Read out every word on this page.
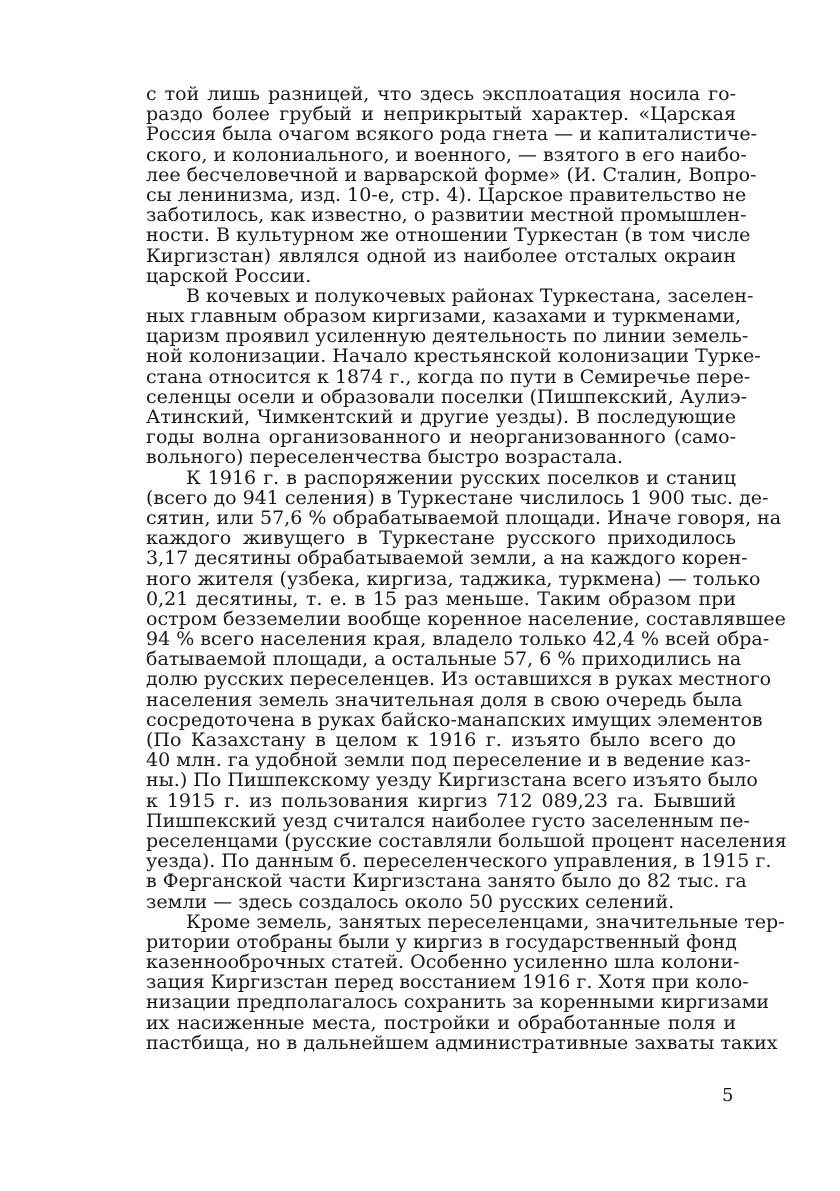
с той лишь разницей, что здесь эксплоатация носила го-
раздо более грубый и неприкрытый характер. «Царская
Россия была очагом всякого рода гнета — и капиталистиче-
ского, и колониального, и военного, — взятого в его наибо-
лее бесчеловечной и варварской форме» (И. Сталин, Вопро-
сы ленинизма, изд. 10-е, стр. 4). Царское правительство не
заботилось, как известно, о развитии местной промышлен-
ности. В культурном же отношении Туркестан (в том числе
Киргизстан) являлся одной из наиболее отсталых окраин
царской России.
В кочевых и полукочевых районах Туркестана, заселен-
ных главным образом киргизами, казахами и туркменами,
царизм проявил усиленную деятельность по линии земель-
ной колонизации. Начало крестьянской колонизации Турке-
стана относится к 1874 г., когда по пути в Семиречье пере-
селенцы осели и образовали поселки (Пишпекский, Аулиэ-
Атинский, Чимкентский и другие уезды). В последующие
годы волна организованного и неорганизованного (само-
вольного) переселенчества быстро возрастала.
К 1916 г. в распоряжении русских поселков и станиц
(всего до 941 селения) в Туркестане числилось 1 900 тыс. де-
сятин, или 57,6 % обрабатываемой площади. Иначе говоря, на
каждого живущего в Туркестане русского приходилось
3,17 десятины обрабатываемой земли, а на каждого корен-
ного жителя (узбека, киргиза, таджика, туркмена) — только
0,21 десятины, т. е. в 15 раз меньше. Таким образом при
остром безземелии вообще коренное население, составлявшее
94 % всего населения края, владело только 42,4 % всей обра-
батываемой площади, а остальные 57, 6 % приходились на
долю русских переселенцев. Из оставшихся в руках местного
населения земель значительная доля в свою очередь была
сосредоточена в руках байско-манапских имущих элементов
(По Казахстану в целом к 1916 г. изъято было всего до
40 млн. га удобной земли под переселение и в ведение каз-
ны.) По Пишпекскому уезду Киргизстана всего изъято было
к 1915 г. из пользования киргиз 712 089,23 га. Бывший
Пишпекский уезд считался наиболее густо заселенным пе-
реселенцами (русские составляли большой процент населения
уезда). По данным б. переселенческого управления, в 1915 г.
в Ферганской части Киргизстана занято было до 82 тыс. га
земли — здесь создалось около 50 русских селений.
Кроме земель, занятых переселенцами, значительные тер-
ритории отобраны были у киргиз в государственный фонд
казеннооброчных статей. Особенно усиленно шла колони-
зация Киргизстан перед восстанием 1916 г. Хотя при коло-
низации предполагалось сохранить за коренными киргизами
их насиженные места, постройки и обработанные поля и
пастбища, но в дальнейшем административные захваты таких
5
